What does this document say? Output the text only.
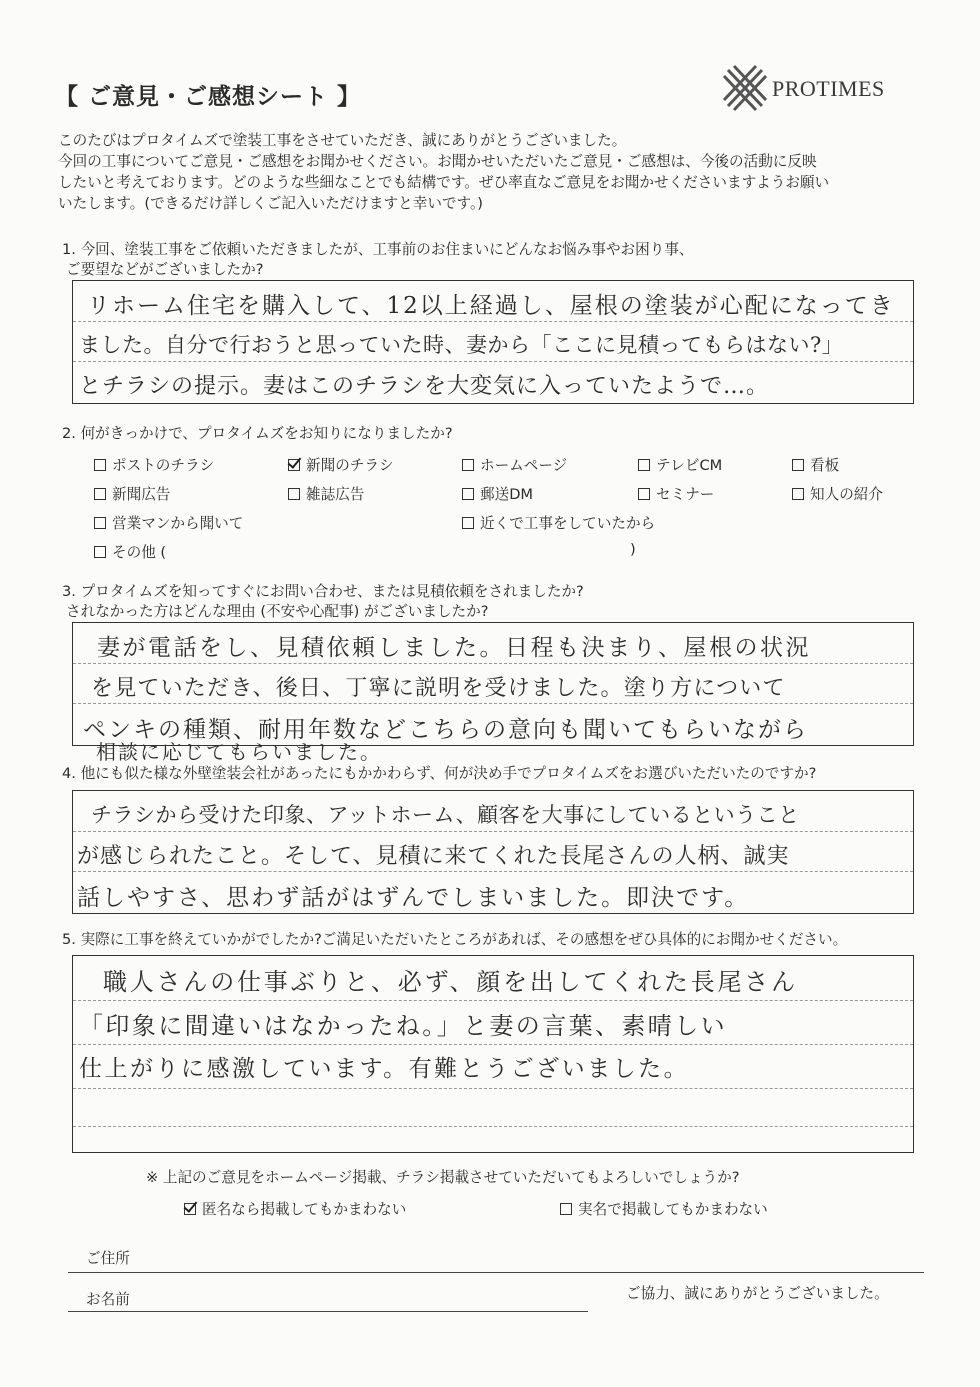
【 ご意見・ご感想シート 】	PROTIMES
このたびはプロタイムズで塗装工事をさせていただき、誠にありがとうございました。
今回の工事についてご意見・ご感想をお聞かせください。お聞かせいただいたご意見・ご感想は、今後の活動に反映
したいと考えております。どのような些細なことでも結構です。ぜひ率直なご意見をお聞かせくださいますようお願い
いたします。(できるだけ詳しくご記入いただけますと幸いです。)
1. 今回、塗装工事をご依頼いただきましたが、工事前のお住まいにどんなお悩み事やお困り事、
ご要望などがございましたか?
リホーム住宅を購入して、12以上経過し、屋根の塗装が心配になってき
ました。自分で行おうと思っていた時、妻から「ここに見積ってもらはない?」
とチラシの提示。妻はこのチラシを大変気に入っていたようで…。
2. 何がきっかけで、プロタイムズをお知りになりましたか?
ポストのチラシ	新聞のチラシ	ホームページ	テレビCM	看板
新聞広告	雑誌広告	郵送DM	セミナー	知人の紹介
営業マンから聞いて	近くで工事をしていたから
その他 (	)
3. プロタイムズを知ってすぐにお問い合わせ、または見積依頼をされましたか?
されなかった方はどんな理由 (不安や心配事) がございましたか?
妻が電話をし、見積依頼しました。日程も決まり、屋根の状況
を見ていただき、後日、丁寧に説明を受けました。塗り方について
ペンキの種類、耐用年数などこちらの意向も聞いてもらいながら
相談に応じてもらいました。
4. 他にも似た様な外壁塗装会社があったにもかかわらず、何が決め手でプロタイムズをお選びいただいたのですか?
チラシから受けた印象、アットホーム、顧客を大事にしているということ
が感じられたこと。そして、見積に来てくれた長尾さんの人柄、誠実
話しやすさ、思わず話がはずんでしまいました。即決です。
5. 実際に工事を終えていかがでしたか?ご満足いただいたところがあれば、その感想をぜひ具体的にお聞かせください。
職人さんの仕事ぶりと、必ず、顔を出してくれた長尾さん
「印象に間違いはなかったね。」と妻の言葉、素晴しい
仕上がりに感激しています。有難とうございました。
※ 上記のご意見をホームページ掲載、チラシ掲載させていただいてもよろしいでしょうか?
匿名なら掲載してもかまわない	実名で掲載してもかまわない
ご住所
お名前	ご協力、誠にありがとうございました。
